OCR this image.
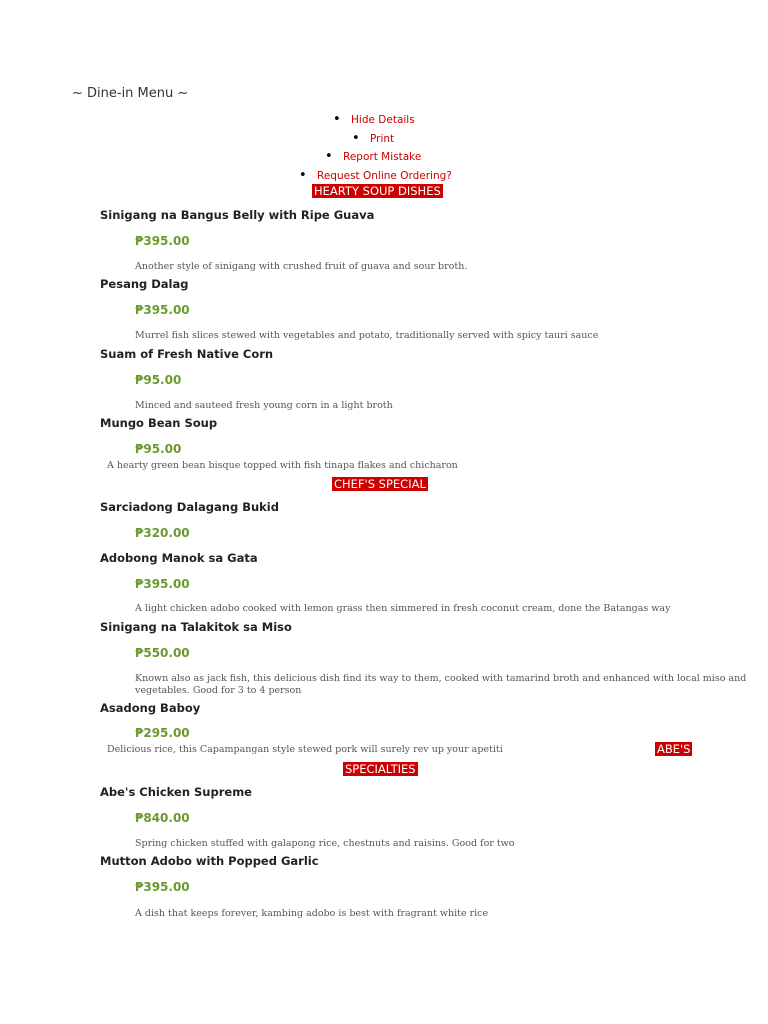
~ Dine-in Menu ~
• Hide Details
• Print
• Report Mistake
• Request Online Ordering?
HEARTY SOUP DISHES
Sinigang na Bangus Belly with Ripe Guava
₱395.00
Another style of sinigang with crushed fruit of guava and sour broth.
Pesang Dalag
₱395.00
Murrel fish slices stewed with vegetables and potato, traditionally served with spicy tauri sauce
Suam of Fresh Native Corn
₱95.00
Minced and sauteed fresh young corn in a light broth
Mungo Bean Soup
₱95.00
A hearty green bean bisque topped with fish tinapa flakes and chicharon
CHEF'S SPECIAL
Sarciadong Dalagang Bukid
₱320.00
Adobong Manok sa Gata
₱395.00
A light chicken adobo cooked with lemon grass then simmered in fresh coconut cream, done the Batangas way
Sinigang na Talakitok sa Miso
₱550.00
Known also as jack fish, this delicious dish find its way to them, cooked with tamarind broth and enhanced with local miso and
vegetables. Good for 3 to 4 person
Asadong Baboy
₱295.00
Delicious rice, this Capampangan style stewed pork will surely rev up your apetiti	ABE'S
SPECIALTIES
Abe's Chicken Supreme
₱840.00
Spring chicken stuffed with galapong rice, chestnuts and raisins. Good for two
Mutton Adobo with Popped Garlic
₱395.00
A dish that keeps forever, kambing adobo is best with fragrant white rice
